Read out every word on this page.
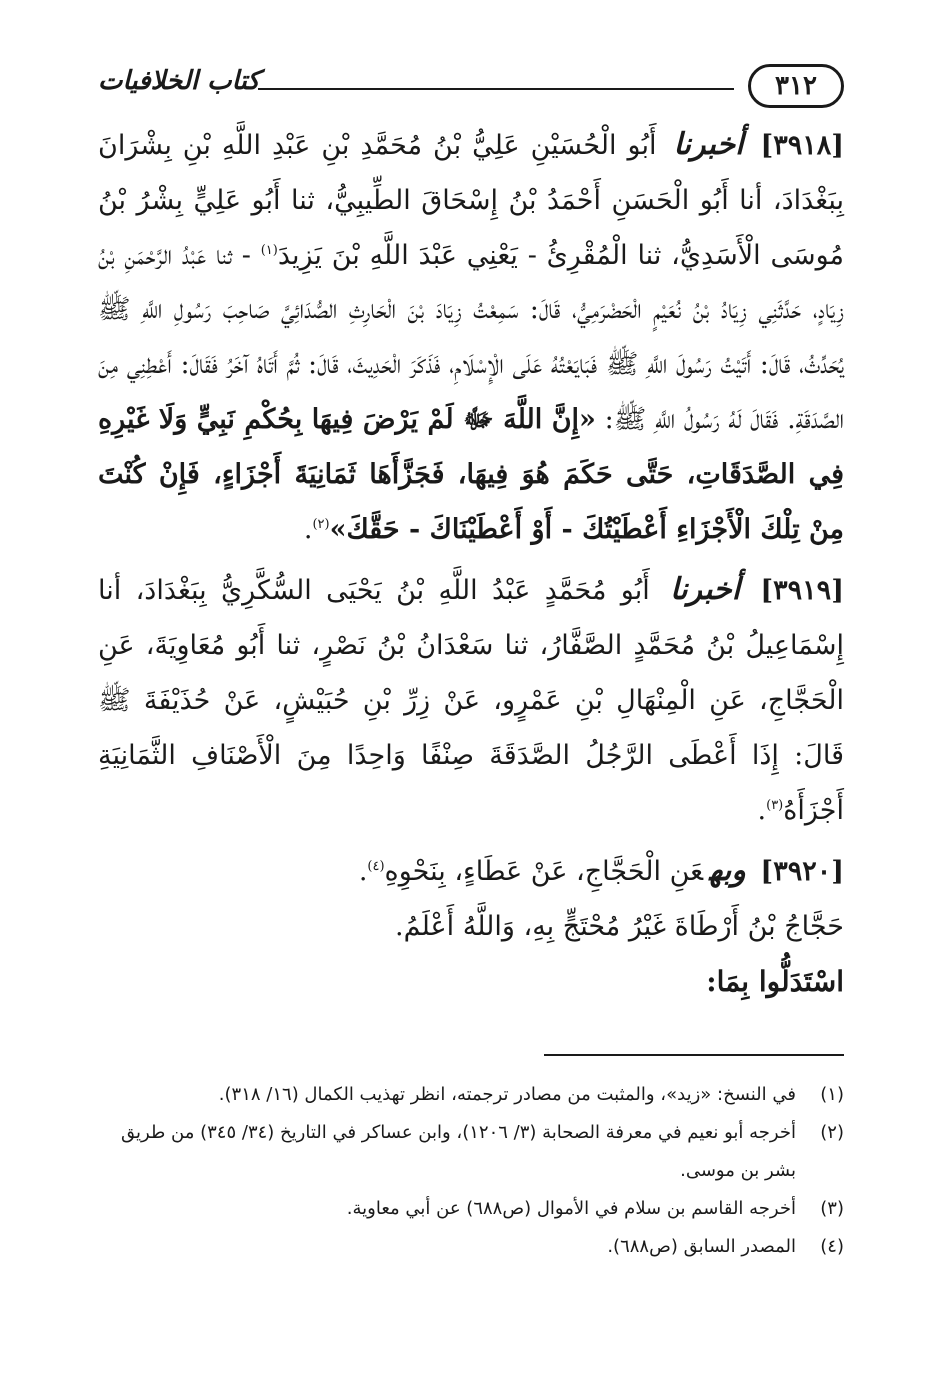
٣١٢
كتاب الخلافيات

[٣٩١٨] أخبرنا أَبُو الْحُسَيْنِ عَلِيُّ بْنُ مُحَمَّدِ بْنِ عَبْدِ اللَّهِ بْنِ بِشْرَانَ بِبَغْدَادَ، أنا أَبُو الْحَسَنِ أَحْمَدُ بْنُ إِسْحَاقَ الطِّيبِيُّ، ثنا أَبُو عَلِيٍّ بِشْرُ بْنُ مُوسَى الْأَسَدِيُّ، ثنا الْمُقْرِئُ - يَعْنِي عَبْدَ اللَّهِ بْنَ يَزِيدَ$^{(١)}$ - ثنا عَبْدُ الرَّحْمَنِ بْنُ زِيَادٍ، حَدَّثَنِي زِيَادُ بْنُ نُعَيْمٍ الْحَضْرَمِيُّ، قَالَ: سَمِعْتُ زِيَادَ بْنَ الْحَارِثِ الصُّدَائِيَّ صَاحِبَ رَسُولِ اللَّهِ ﷺ يُحَدِّثُ، قَالَ: أَتَيْتُ رَسُولَ اللَّهِ ﷺ فَبَايَعْتُهُ عَلَى الْإِسْلَامِ، فَذَكَرَ الْحَدِيثَ، قَالَ: ثُمَّ أَتَاهُ آخَرُ فَقَالَ: أَعْطِنِي مِنَ الصَّدَقَةِ. فَقَالَ لَهُ رَسُولُ اللَّهِ ﷺ: «إِنَّ اللَّهَ ﷻ لَمْ يَرْضَ فِيهَا بِحُكْمِ نَبِيٍّ وَلَا غَيْرِهِ فِي الصَّدَقَاتِ، حَتَّى حَكَمَ هُوَ فِيهَا، فَجَزَّأَهَا ثَمَانِيَةَ أَجْزَاءٍ، فَإِنْ كُنْتَ مِنْ تِلْكَ الْأَجْزَاءِ أَعْطَيْتُكَ - أَوْ أَعْطَيْنَاكَ - حَقَّكَ»$^{(٢)}$.

[٣٩١٩] أخبرنا أَبُو مُحَمَّدٍ عَبْدُ اللَّهِ بْنُ يَحْيَى السُّكَّرِيُّ بِبَغْدَادَ، أنا إِسْمَاعِيلُ بْنُ مُحَمَّدٍ الصَّفَّارُ، ثنا سَعْدَانُ بْنُ نَصْرٍ، ثنا أَبُو مُعَاوِيَةَ، عَنِ الْحَجَّاجِ، عَنِ الْمِنْهَالِ بْنِ عَمْرٍو، عَنْ زِرِّ بْنِ حُبَيْشٍ، عَنْ حُذَيْفَةَ ﷺ قَالَ: إِذَا أَعْطَى الرَّجُلُ الصَّدَقَةَ صِنْفًا وَاحِدًا مِنَ الْأَصْنَافِ الثَّمَانِيَةِ أَجْزَأَهُ$^{(٣)}$.

[٣٩٢٠] وبهعَنِ الْحَجَّاجِ، عَنْ عَطَاءٍ، بِنَحْوِهِ$^{(٤)}$.

حَجَّاجُ بْنُ أَرْطَاةَ غَيْرُ مُحْتَجٍّ بِهِ، وَاللَّهُ أَعْلَمُ.

اسْتَدَلُّوا بِمَا:

(١)
في النسخ: «زيد»، والمثبت من مصادر ترجمته، انظر تهذيب الكمال (١٦/ ٣١٨).
(٢)
أخرجه أبو نعيم في معرفة الصحابة (٣/ ١٢٠٦)، وابن عساكر في التاريخ (٣٤/ ٣٤٥) من طريق بشر بن موسى.
(٣)
أخرجه القاسم بن سلام في الأموال (ص٦٨٨) عن أبي معاوية.
(٤)
المصدر السابق (ص٦٨٨).
